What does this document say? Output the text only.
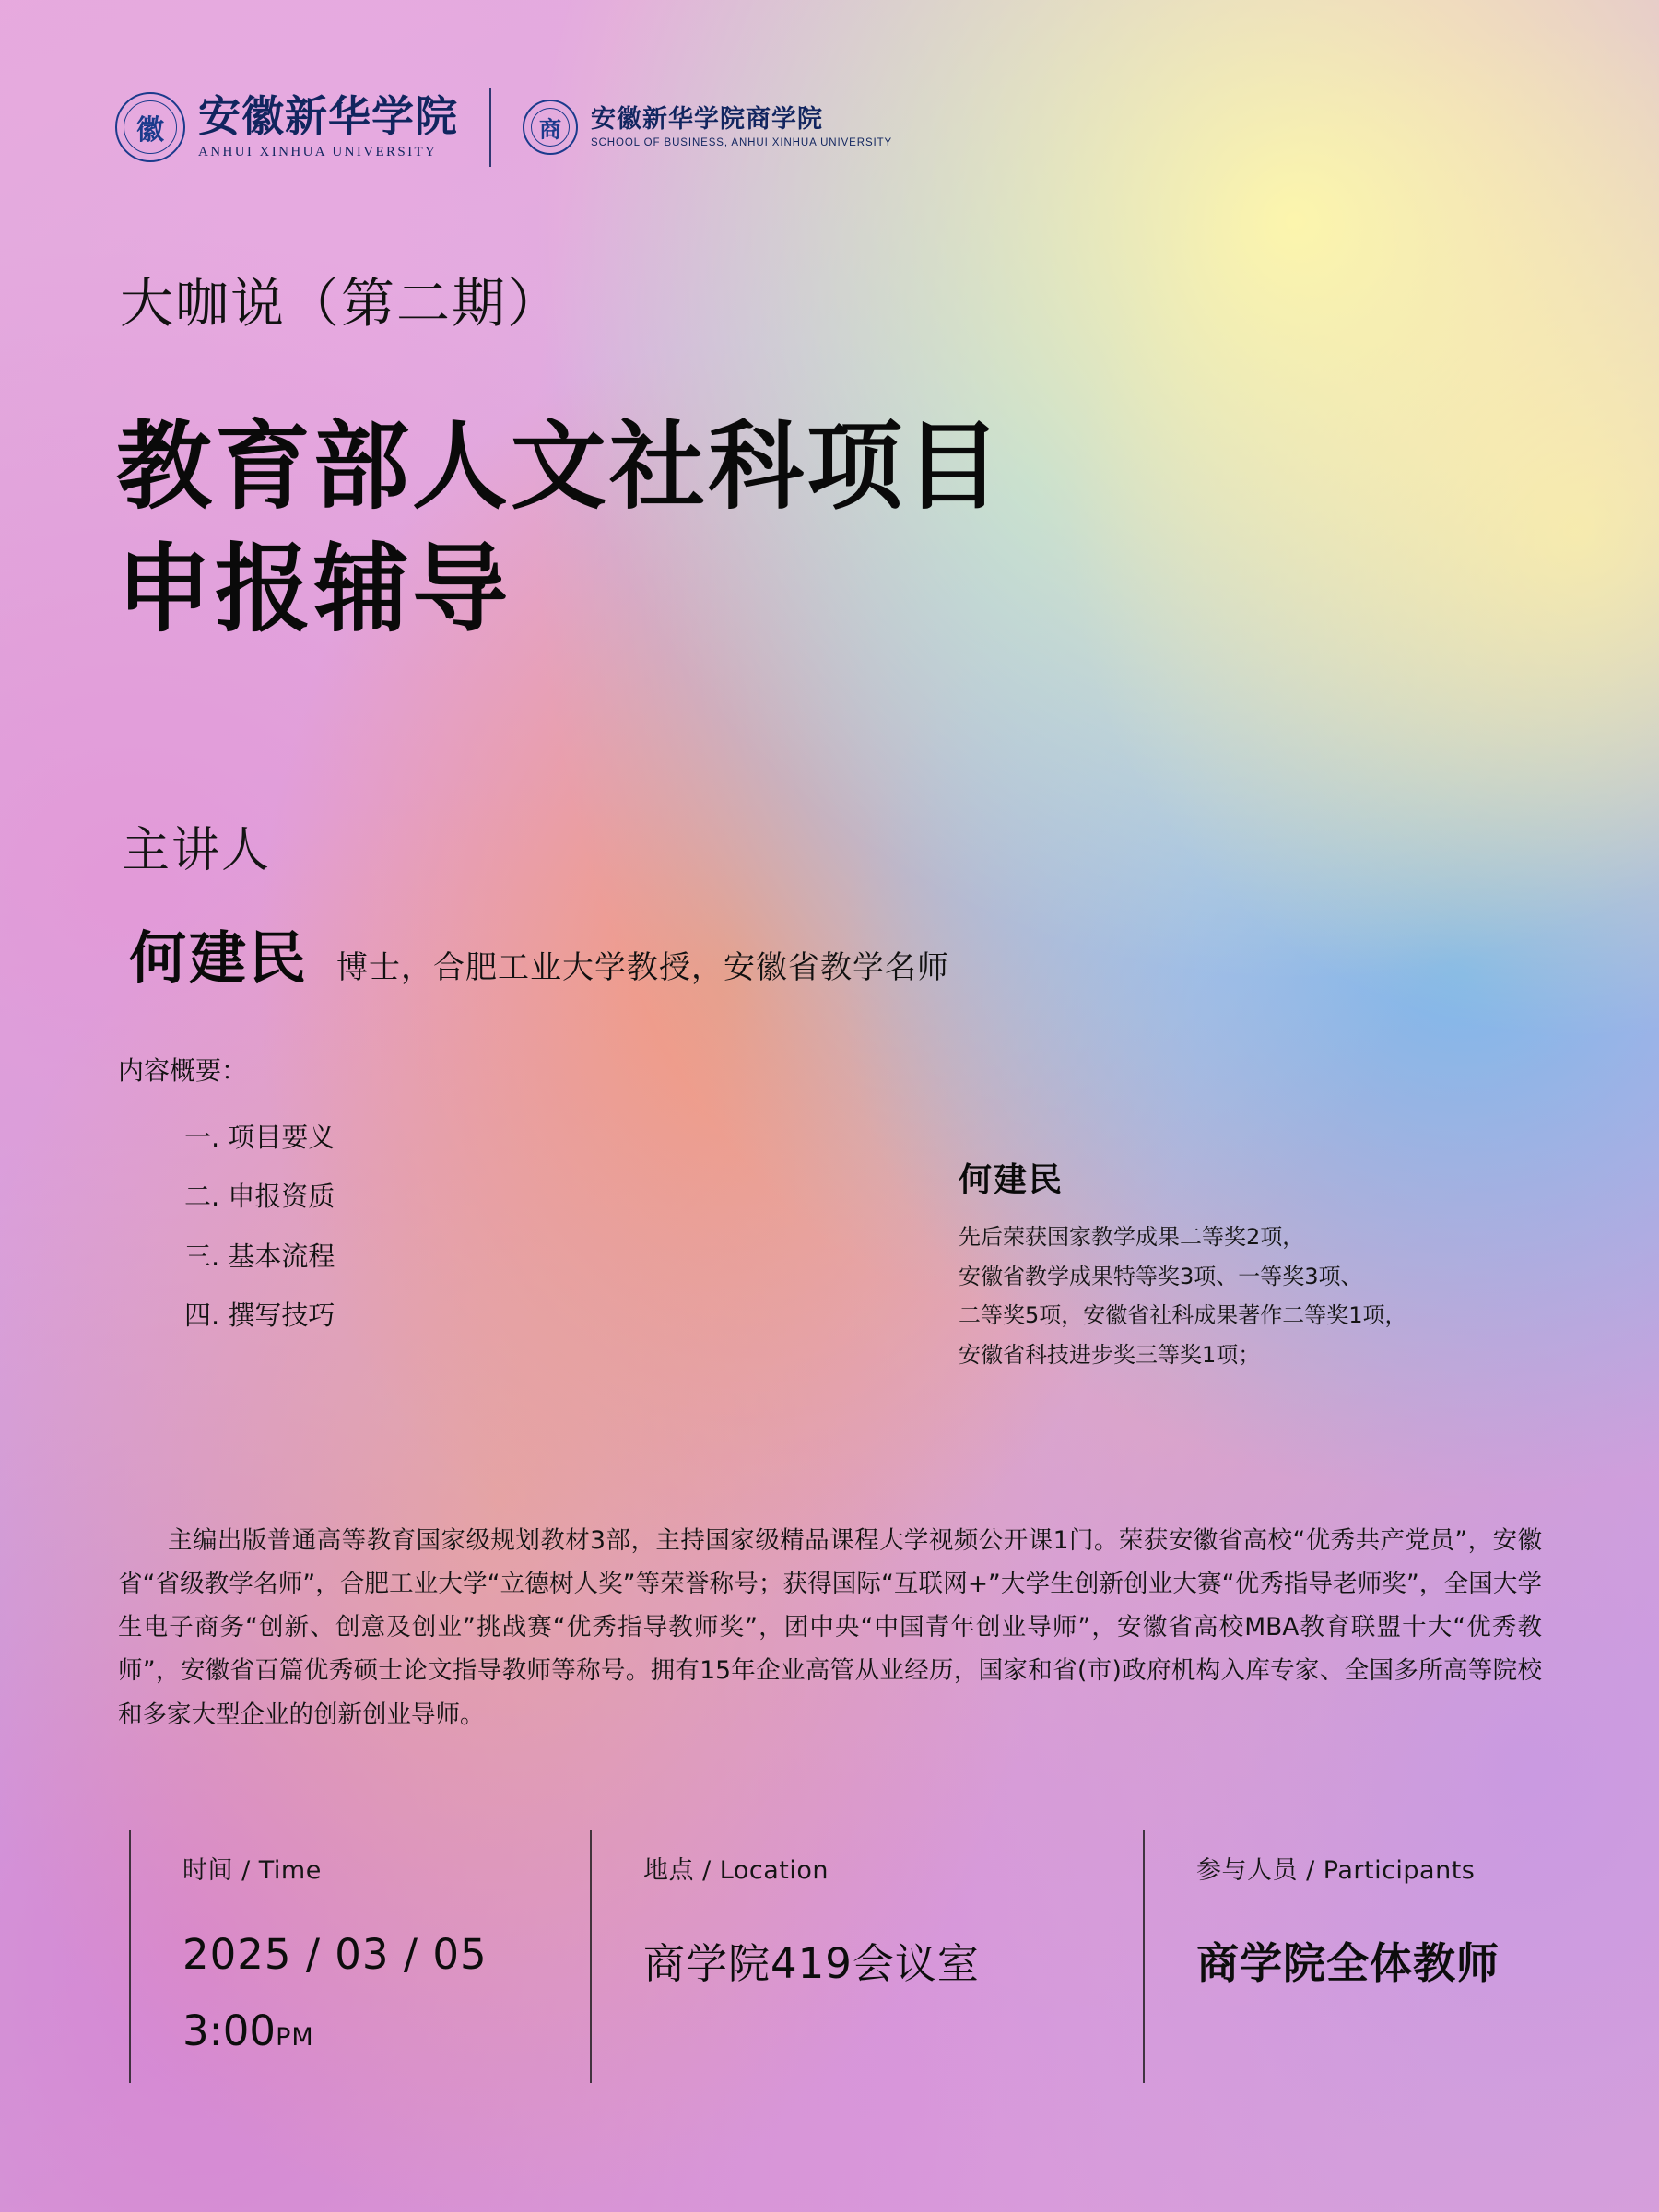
徽 安徽新华学院
ANHUI XINHUA UNIVERSITY
商	安徽新华学院商学院
SCHOOL OF BUSINESS, ANHUI XINHUA UNIVERSITY
大咖说（第二期）
教育部人文社科项目
申报辅导
主讲人
何建民 博士，合肥工业大学教授，安徽省教学名师
内容概要：
一. 项目要义
二. 申报资质
三. 基本流程
四. 撰写技巧
何建民
先后荣获国家教学成果二等奖2项，
安徽省教学成果特等奖3项、一等奖3项、
二等奖5项，安徽省社科成果著作二等奖1项，
安徽省科技进步奖三等奖1项；
主编出版普通高等教育国家级规划教材3部，主持国家级精品课程大学视频公开课1门。荣获安徽省高校“优秀共产党员”，安徽省“省级教学名师”，合肥工业大学“立德树人奖”等荣誉称号；获得国际“互联网+”大学生创新创业大赛“优秀指导老师奖”，全国大学生电子商务“创新、创意及创业”挑战赛“优秀指导教师奖”，团中央“中国青年创业导师”，安徽省高校MBA教育联盟十大“优秀教师”，安徽省百篇优秀硕士论文指导教师等称号。拥有15年企业高管从业经历，国家和省(市)政府机构入库专家、全国多所高等院校和多家大型企业的创新创业导师。
时间 / Time
2025 / 03 / 05
3:00PM
地点 / Location
商学院419会议室
参与人员 / Participants
商学院全体教师
